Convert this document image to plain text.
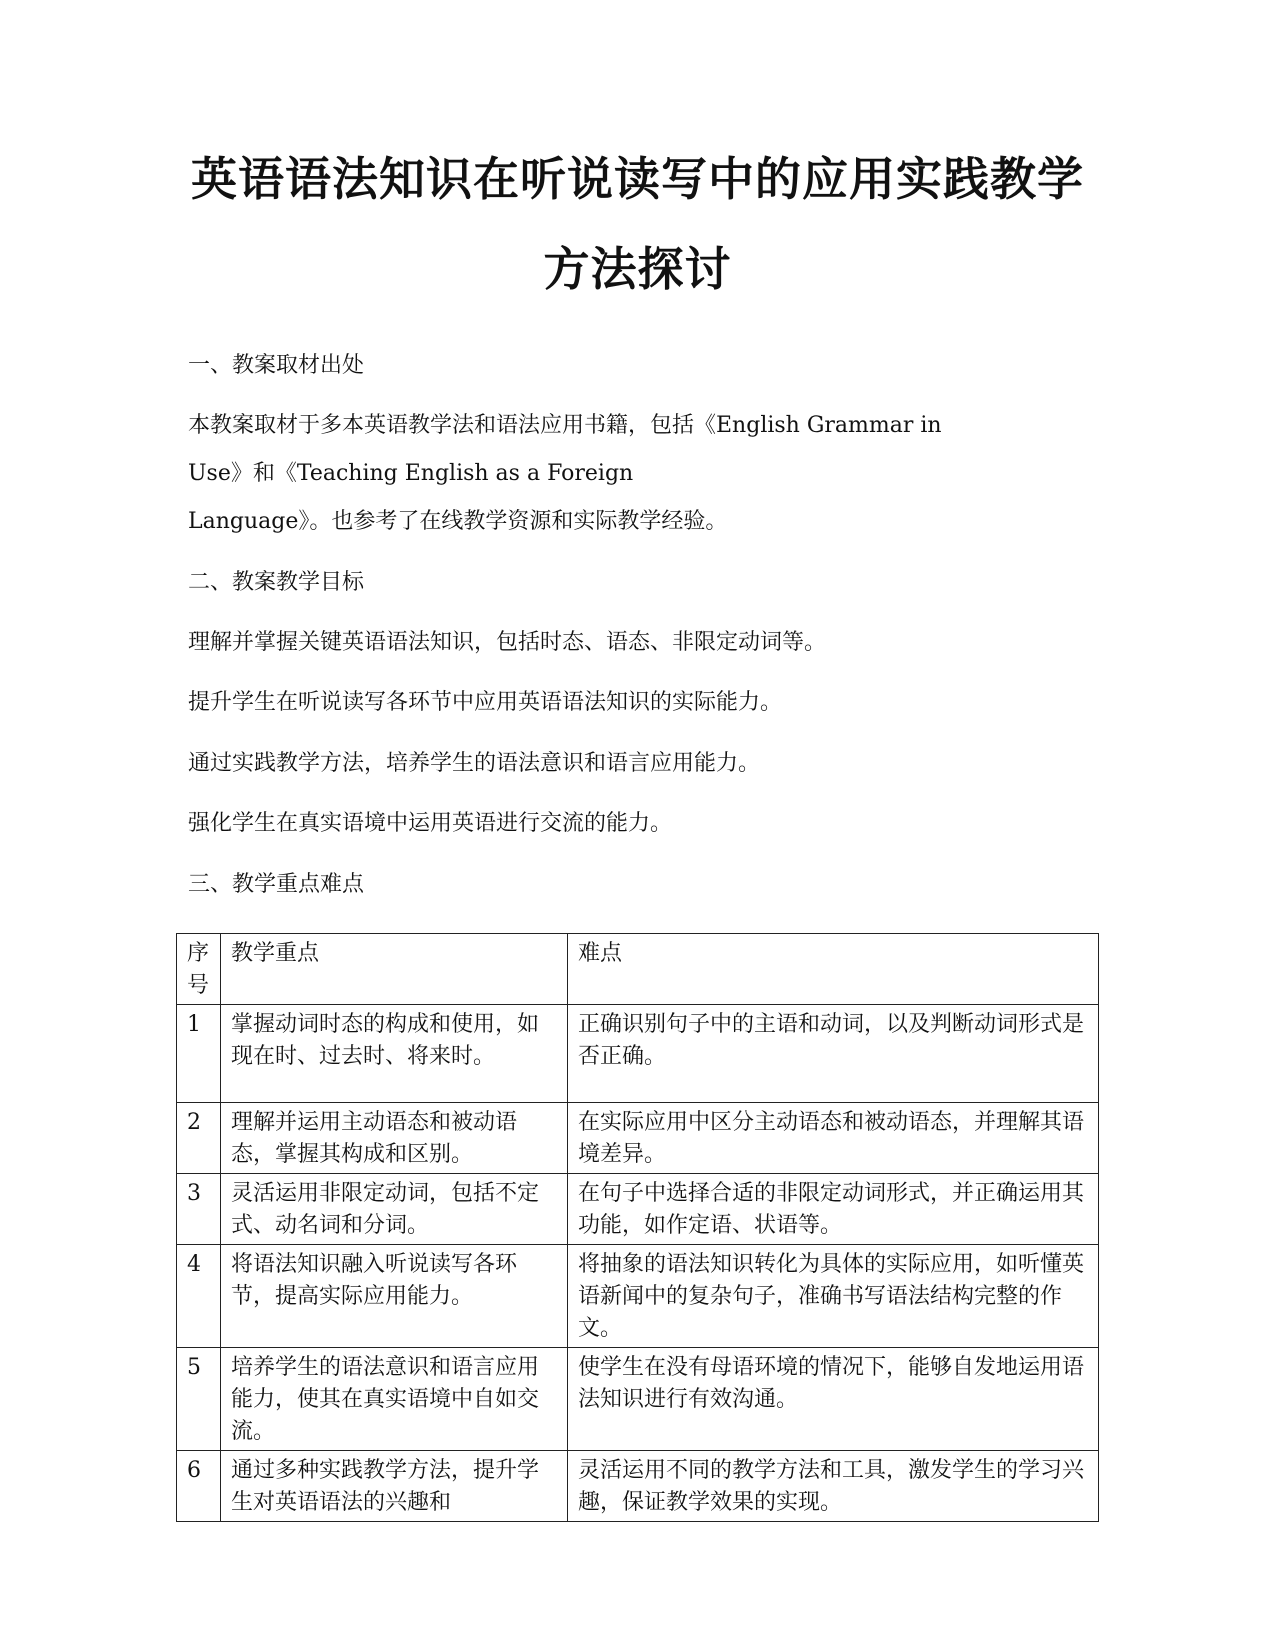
英语语法知识在听说读写中的应用实践教学
方法探讨

一、教案取材出处

本教案取材于多本英语教学法和语法应用书籍，包括《English Grammar in

Use》和《Teaching English as a Foreign

Language》。也参考了在线教学资源和实际教学经验。

二、教案教学目标

理解并掌握关键英语语法知识，包括时态、语态、非限定动词等。

提升学生在听说读写各环节中应用英语语法知识的实际能力。

通过实践教学方法，培养学生的语法意识和语言应用能力。

强化学生在真实语境中运用英语进行交流的能力。

三、教学重点难点

序号	教学重点	难点
1	掌握动词时态的构成和使用，如现在时、过去时、将来时。	正确识别句子中的主语和动词，以及判断动词形式是否正确。

2	理解并运用主动语态和被动语态，掌握其构成和区别。	在实际应用中区分主动语态和被动语态，并理解其语境差异。

3	灵活运用非限定动词，包括不定式、动名词和分词。	在句子中选择合适的非限定动词形式，并正确运用其功能，如作定语、状语等。

4	将语法知识融入听说读写各环节，提高实际应用能力。	将抽象的语法知识转化为具体的实际应用，如听懂英语新闻中的复杂句子，准确书写语法结构完整的作文。

5	培养学生的语法意识和语言应用能力，使其在真实语境中自如交流。	使学生在没有母语环境的情况下，能够自发地运用语法知识进行有效沟通。

6	通过多种实践教学方法，提升学生对英语语法的兴趣和	灵活运用不同的教学方法和工具，激发学生的学习兴趣，保证教学效果的实现。
